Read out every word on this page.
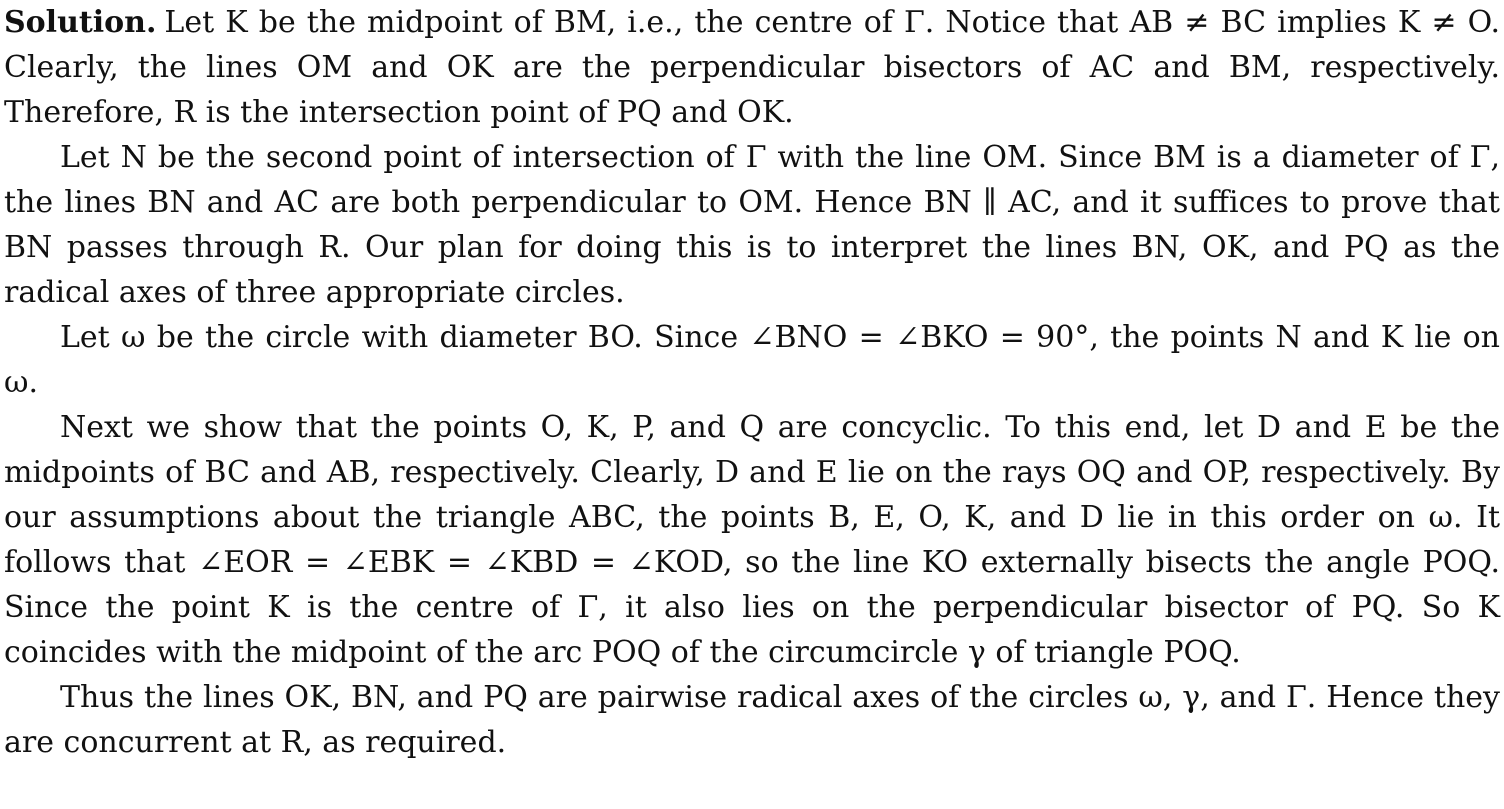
Solution. Let K be the midpoint of BM, i.e., the centre of Γ. Notice that AB ≠ BC implies K ≠ O. Clearly, the lines OM and OK are the perpendicular bisectors of AC and BM, respectively. Therefore, R is the intersection point of PQ and OK.

Let N be the second point of intersection of Γ with the line OM. Since BM is a diameter of Γ, the lines BN and AC are both perpendicular to OM. Hence BN ∥ AC, and it suffices to prove that BN passes through R. Our plan for doing this is to interpret the lines BN, OK, and PQ as the radical axes of three appropriate circles.

Let ω be the circle with diameter BO. Since ∠BNO = ∠BKO = 90°, the points N and K lie on ω.

Next we show that the points O, K, P, and Q are concyclic. To this end, let D and E be the midpoints of BC and AB, respectively. Clearly, D and E lie on the rays OQ and OP, respectively. By our assumptions about the triangle ABC, the points B, E, O, K, and D lie in this order on ω. It follows that ∠EOR = ∠EBK = ∠KBD = ∠KOD, so the line KO externally bisects the angle POQ. Since the point K is the centre of Γ, it also lies on the perpendicular bisector of PQ. So K coincides with the midpoint of the arc POQ of the circumcircle γ of triangle POQ.

Thus the lines OK, BN, and PQ are pairwise radical axes of the circles ω, γ, and Γ. Hence they are concurrent at R, as required.
